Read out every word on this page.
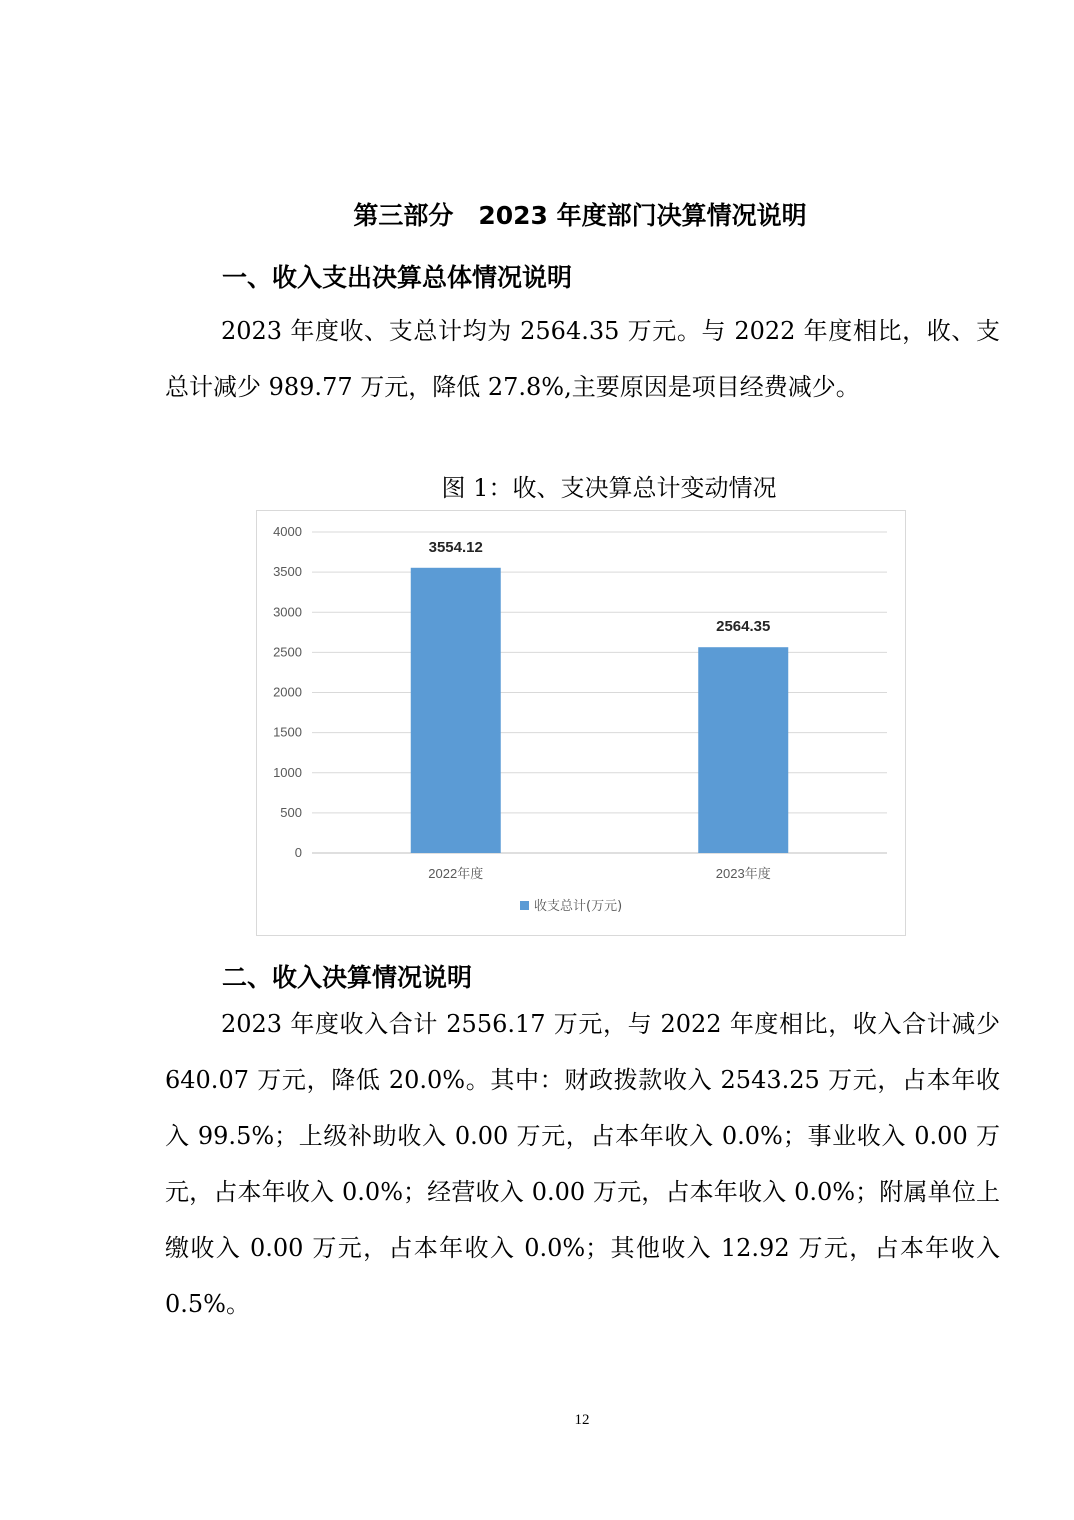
第三部分　2023 年度部门决算情况说明
一、收入支出决算总体情况说明

2023 年度收、支总计均为 2564.35 万元。与 2022 年度相比，收、支总计减少 989.77 万元，降低 27.8%,主要原因是项目经费减少。

图 1：收、支决算总计变动情况
0
500
1000
1500
2000
2500
3000
3500
4000
3554.12
2022年度
2564.35
2023年度
收支总计(万元)
二、收入决算情况说明

2023 年度收入合计 2556.17 万元，与 2022 年度相比，收入合计减少 640.07 万元，降低 20.0%。其中：财政拨款收入 2543.25 万元，占本年收入 99.5%；上级补助收入 0.00 万元，占本年收入 0.0%；事业收入 0.00 万元，占本年收入 0.0%；经营收入 0.00 万元，占本年收入 0.0%；附属单位上缴收入 0.00 万元，占本年收入 0.0%；其他收入 12.92 万元，占本年收入 0.5%。

12
